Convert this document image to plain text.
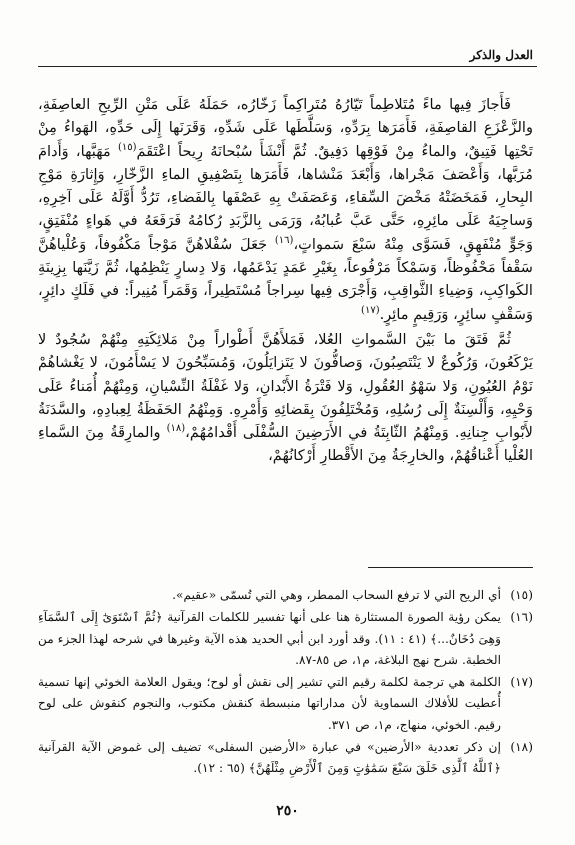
العدل والذكر

فَأَجازَ فِيها ماءً مُتَلاطِماً تَيّارُهُ مُتَراكِماً زَخّارُه، حَمَلَهُ عَلَى مَتْنِ الرِّيحِ العاصِفَةِ، والزَّعْزَعِ القاصِفَةِ، فَأَمَرَها بِرَدِّهِ، وَسَلَّطَها عَلَى شَدِّهِ، وَقَرَنَها إِلَى حَدِّهِ، الهَواءُ مِنْ تَحْتِها فَتِيقٌ، والماءُ مِنْ فَوْقِها دَفِيقٌ. ثُمَّ أَنْشَأَ سُبْحانَهُ رِيحاً اعْتَقَمَ$^{(١٥)}$ مَهَبَّها، وَأَدامَ مُرَبَّها، وَأَعْصَفَ مَجْراها، وَأَبْعَدَ مَنْشاها، فَأَمَرَها بِتَصْفِيقِ الماءِ الزَّخّارِ، وَإِثارَةِ مَوْجِ البِحارِ، فَمَخَضَتْهُ مَخْضَ السِّقاءِ، وَعَصَفَتْ بِهِ عَصْفَها بِالفَضاءِ، تَرُدُّ أَوَّلَهُ عَلَى آخِرِهِ، وَساجِيَهُ عَلَى مائِرِهِ، حَتَّى عَبَّ عُبابُهُ، وَرَمَى بِالزَّبَدِ رُكامُهُ فَرَفَعَهُ في هَواءٍ مُنْفَتِقٍ، وَجَوٍّ مُنْفَهِقٍ، فَسَوَّى مِنْهُ سَبْعَ سَمواتٍ،$^{(١٦)}$ جَعَلَ سُفْلاهُنَّ مَوْجاً مَكْفُوفاً، وَعُلْياهُنَّ سَقْفاً مَحْفُوظاً، وَسَمْكاً مَرْفُوعاً، بِغَيْرِ عَمَدٍ يَدْعَمُها، وَلا دِسارٍ يَنْظِمُها، ثُمَّ زَيَّنَها بِزِينَةِ الكَواكِبِ، وَضِياءِ الثَّواقِبِ، وَأَجْرَى فِيها سِراجاً مُسْتَطِيراً، وَقَمَراً مُنِيراً: في فَلَكٍ دائِرٍ، وَسَقْفٍ سائِرٍ، وَرَقِيمٍ مائِرٍ.$^{(١٧)}$

ثُمَّ فَتَقَ ما بَيْنَ السَّمواتِ العُلا، فَمَلأَهُنَّ أَطْواراً مِنْ مَلائِكَتِهِ مِنْهُمْ سُجُودٌ لا يَرْكَعُونَ، وَرُكُوعٌ لا يَنْتَصِبُونَ، وَصافُّونَ لا يَتَزايَلُونَ، وَمُسَبِّحُونَ لا يَسْأَمُونَ، لا يَغْشاهُمْ نَوْمُ العُيُونِ، وَلا سَهْوُ العُقُولِ، وَلا فَتْرَةُ الأَبْدانِ، وَلا غَفْلَةُ النِّسْيانِ، وَمِنْهُمْ أُمَناءُ عَلَى وَحْيِهِ، وَأَلْسِنَةٌ إِلَى رُسُلِهِ، وَمُخْتَلِفُونَ بِقَضائِهِ وَأَمْرِهِ. وَمِنْهُمُ الحَفَظَةُ لِعِبادِهِ، والسَّدَنَةُ لأَبْوابِ جِنانِهِ. وَمِنْهُمُ الثّابِتَةُ في الأَرَضِينَ السُّفْلَى أَقْدامُهُمْ،$^{(١٨)}$ والمارِقَةُ مِنَ السَّماءِ العُلْيا أَعْناقُهُمْ، والخارِجَةُ مِنَ الأَقْطارِ أَرْكانُهُمْ،

(١٥)أي الريح التي لا ترفع السحاب الممطر، وهي التي تُسمّى «عقيم».

(١٦)يمكن رؤية الصورة المستثارة هنا على أنها تفسير للكلمات القرآنية ﴿ثُمَّ ٱسْتَوَىٰٓ إِلَى ٱلسَّمَآءِ وَهِىَ دُخَانٌ...﴾ (٤١ : ١١). وقد أورد ابن أبي الحديد هذه الآية وغيرها في شرحه لهذا الجزء من الخطبة. شرح نهج البلاغة، م١، ص ٨٥-٨٧.

(١٧)الكلمة هي ترجمة لكلمة رقيم التي تشير إلى نقش أو لوح؛ ويقول العلامة الخوئي إنها تسمية أُعطيت للأفلاك السماوية لأن مداراتها منبسطة كنقش مكتوب، والنجوم كنقوش على لوح رقيم. الخوئي، منهاج، م١، ص ٣٧١.

(١٨)إن ذكر تعددية «الأرضين» في عبارة «الأرضين السفلى» تضيف إلى غموض الآية القرآنية ﴿ٱللَّهُ ٱلَّذِى خَلَقَ سَبْعَ سَمَٰوَٰتٍ وَمِنَ ٱلْأَرْضِ مِثْلَهُنَّ﴾ (٦٥ : ١٢).

٢٥٠
